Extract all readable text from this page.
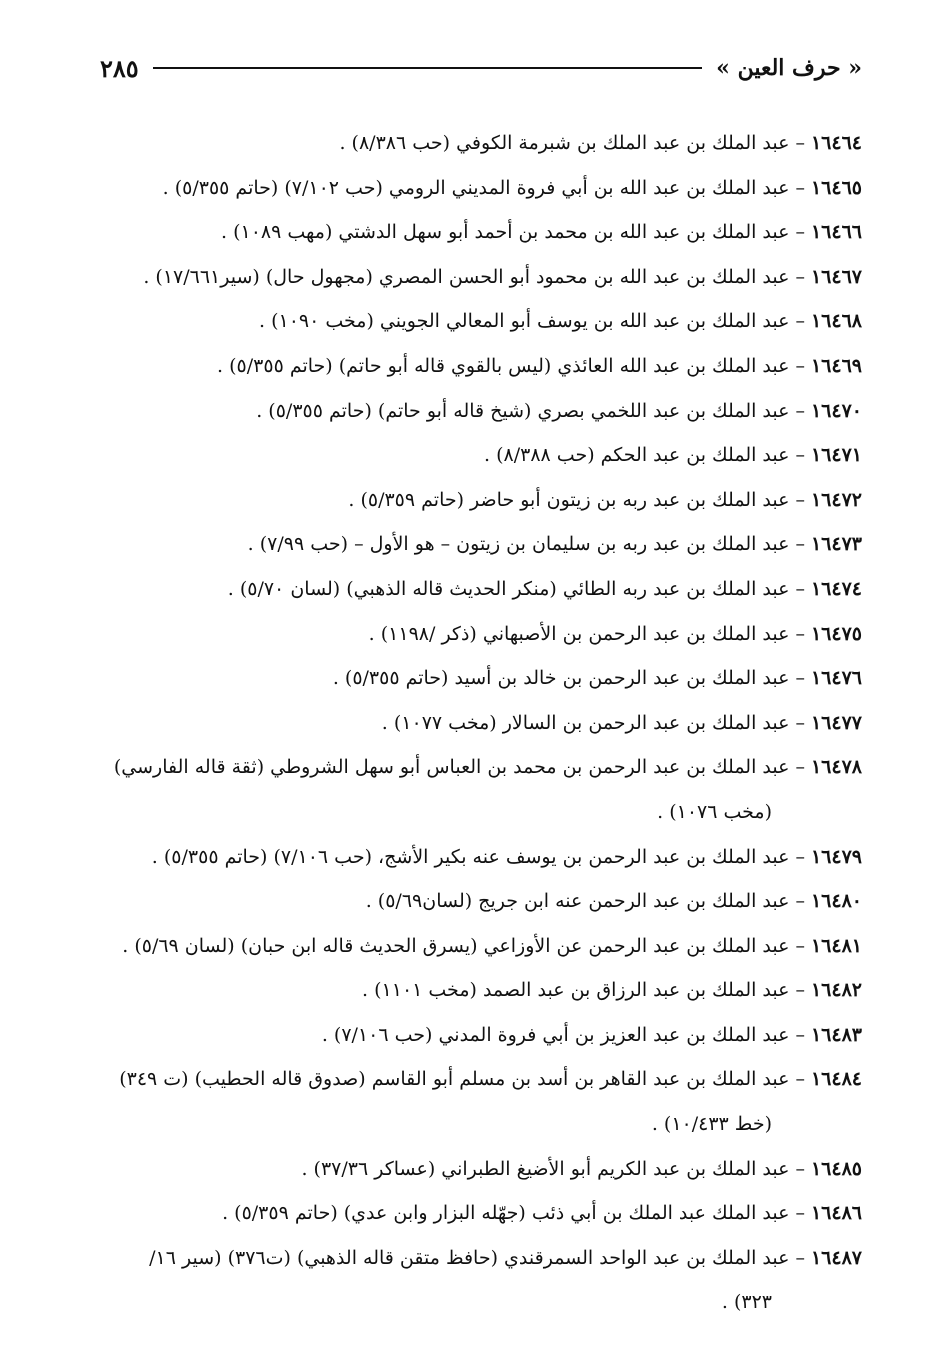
« حرف العين »
٢٨٥
١٦٤٦٤–عبد الملك بن عبد الملك بن شبرمة الكوفي (حب ٨/٣٨٦) .
١٦٤٦٥–عبد الملك بن عبد الله بن أبي فروة المديني الرومي (حب ٧/١٠٢) (حاتم ٥/٣٥٥) .
١٦٤٦٦–عبد الملك بن عبد الله بن محمد بن أحمد أبو سهل الدشتي (مهب ١٠٨٩) .
١٦٤٦٧–عبد الملك بن عبد الله بن محمود أبو الحسن المصري (مجهول حال) (سير١٧/٦٦١) .
١٦٤٦٨–عبد الملك بن عبد الله بن يوسف أبو المعالي الجويني (مخب ١٠٩٠) .
١٦٤٦٩–عبد الملك بن عبد الله العائذي (ليس بالقوي قاله أبو حاتم) (حاتم ٥/٣٥٥) .
١٦٤٧٠–عبد الملك بن عبد اللخمي بصري (شيخ قاله أبو حاتم) (حاتم ٥/٣٥٥) .
١٦٤٧١–عبد الملك بن عبد الحكم (حب ٨/٣٨٨) .
١٦٤٧٢–عبد الملك بن عبد ربه بن زيتون أبو حاضر (حاتم ٥/٣٥٩) .
١٦٤٧٣–عبد الملك بن عبد ربه بن سليمان بن زيتون – هو الأول – (حب ٧/٩٩) .
١٦٤٧٤–عبد الملك بن عبد ربه الطائي (منكر الحديث قاله الذهبي) (لسان ٥/٧٠) .
١٦٤٧٥–عبد الملك بن عبد الرحمن بن الأصبهاني (ذكر /١١٩٨) .
١٦٤٧٦–عبد الملك بن عبد الرحمن بن خالد بن أسيد (حاتم ٥/٣٥٥) .
١٦٤٧٧–عبد الملك بن عبد الرحمن بن السالار (مخب ١٠٧٧) .
١٦٤٧٨–عبد الملك بن عبد الرحمن بن محمد بن العباس أبو سهل الشروطي (ثقة قاله الفارسي)
(مخب ١٠٧٦) .
١٦٤٧٩–عبد الملك بن عبد الرحمن بن يوسف عنه بكير الأشج، (حب ٧/١٠٦) (حاتم ٥/٣٥٥) .
١٦٤٨٠–عبد الملك بن عبد الرحمن عنه ابن جريج (لسان٥/٦٩) .
١٦٤٨١–عبد الملك بن عبد الرحمن عن الأوزاعي (يسرق الحديث قاله ابن حبان) (لسان ٥/٦٩) .
١٦٤٨٢–عبد الملك بن عبد الرزاق بن عبد الصمد (مخب ١١٠١) .
١٦٤٨٣–عبد الملك بن عبد العزيز بن أبي فروة المدني (حب ٧/١٠٦) .
١٦٤٨٤–عبد الملك بن عبد القاهر بن أسد بن مسلم أبو القاسم (صدوق قاله الحطيب) (ت ٣٤٩)
(خط ١٠/٤٣٣) .
١٦٤٨٥–عبد الملك بن عبد الكريم أبو الأضيغ الطبراني (عساكر ٣٧/٣٦) .
١٦٤٨٦–عبد الملك عبد الملك بن أبي ذئب (جهّله البزار وابن عدي) (حاتم ٥/٣٥٩) .
١٦٤٨٧–عبد الملك بن عبد الواحد السمرقندي (حافظ متقن قاله الذهبي) (ت٣٧٦) (سير ١٦/
٣٢٣) .
